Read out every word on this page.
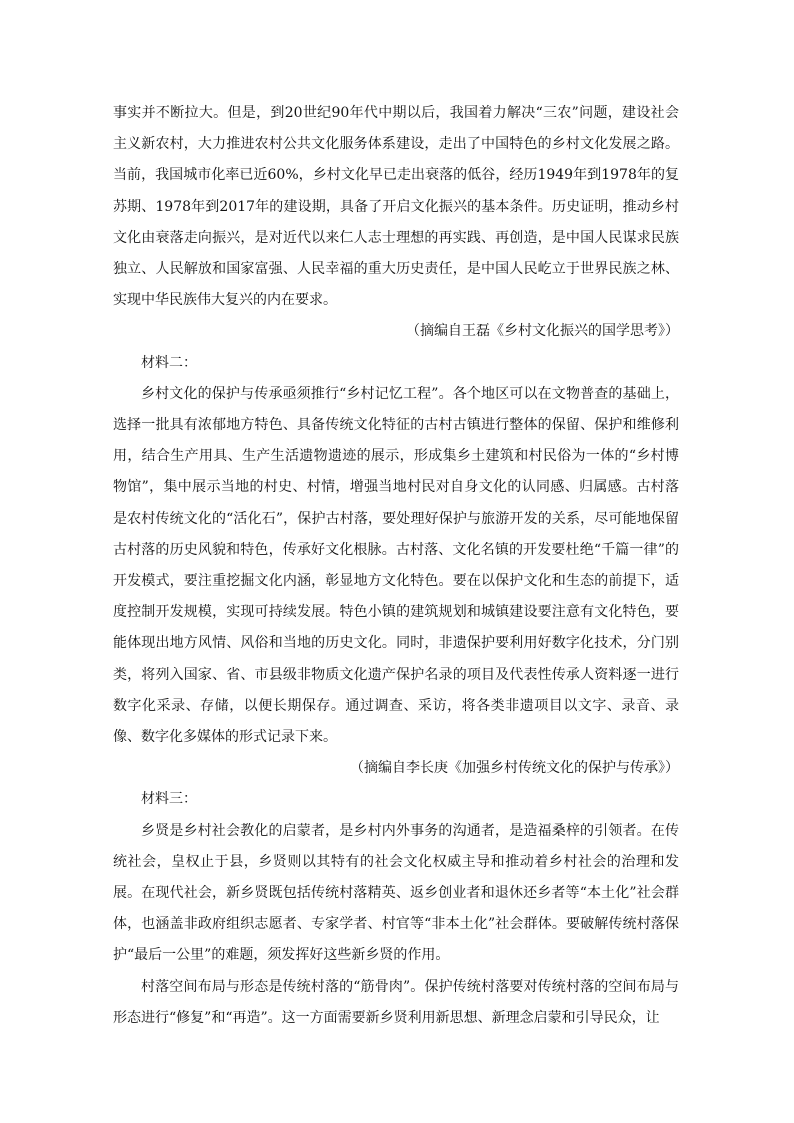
事实并不断拉大。但是，到20世纪90年代中期以后，我国着力解决“三农”问题，建设社会主义新农村，大力推进农村公共文化服务体系建设，走出了中国特色的乡村文化发展之路。当前，我国城市化率已近60%，乡村文化早已走出衰落的低谷，经历1949年到1978年的复苏期、1978年到2017年的建设期，具备了开启文化振兴的基本条件。历史证明，推动乡村文化由衰落走向振兴，是对近代以来仁人志士理想的再实践、再创造，是中国人民谋求民族独立、人民解放和国家富强、人民幸福的重大历史责任，是中国人民屹立于世界民族之林、实现中华民族伟大复兴的内在要求。

（摘编自王磊《乡村文化振兴的国学思考》）

材料二：

乡村文化的保护与传承亟须推行“乡村记忆工程”。各个地区可以在文物普查的基础上，选择一批具有浓郁地方特色、具备传统文化特征的古村古镇进行整体的保留、保护和维修利用，结合生产用具、生产生活遗物遗迹的展示，形成集乡土建筑和村民俗为一体的“乡村博物馆”，集中展示当地的村史、村情，增强当地村民对自身文化的认同感、归属感。古村落是农村传统文化的“活化石”，保护古村落，要处理好保护与旅游开发的关系，尽可能地保留古村落的历史风貌和特色，传承好文化根脉。古村落、文化名镇的开发要杜绝“千篇一律”的开发模式，要注重挖掘文化内涵，彰显地方文化特色。要在以保护文化和生态的前提下，适度控制开发规模，实现可持续发展。特色小镇的建筑规划和城镇建设要注意有文化特色，要能体现出地方风情、风俗和当地的历史文化。同时，非遗保护要利用好数字化技术，分门别类，将列入国家、省、市县级非物质文化遗产保护名录的项目及代表性传承人资料逐一进行数字化采录、存储，以便长期保存。通过调查、采访，将各类非遗项目以文字、录音、录像、数字化多媒体的形式记录下来。

（摘编自李长庚《加强乡村传统文化的保护与传承》）

材料三：

乡贤是乡村社会教化的启蒙者，是乡村内外事务的沟通者，是造福桑梓的引领者。在传统社会，皇权止于县，乡贤则以其特有的社会文化权威主导和推动着乡村社会的治理和发展。在现代社会，新乡贤既包括传统村落精英、返乡创业者和退休还乡者等“本土化”社会群体，也涵盖非政府组织志愿者、专家学者、村官等“非本土化”社会群体。要破解传统村落保护“最后一公里”的难题，须发挥好这些新乡贤的作用。

村落空间布局与形态是传统村落的“筋骨肉”。保护传统村落要对传统村落的空间布局与形态进行“修复”和“再造”。这一方面需要新乡贤利用新思想、新理念启蒙和引导民众，让
